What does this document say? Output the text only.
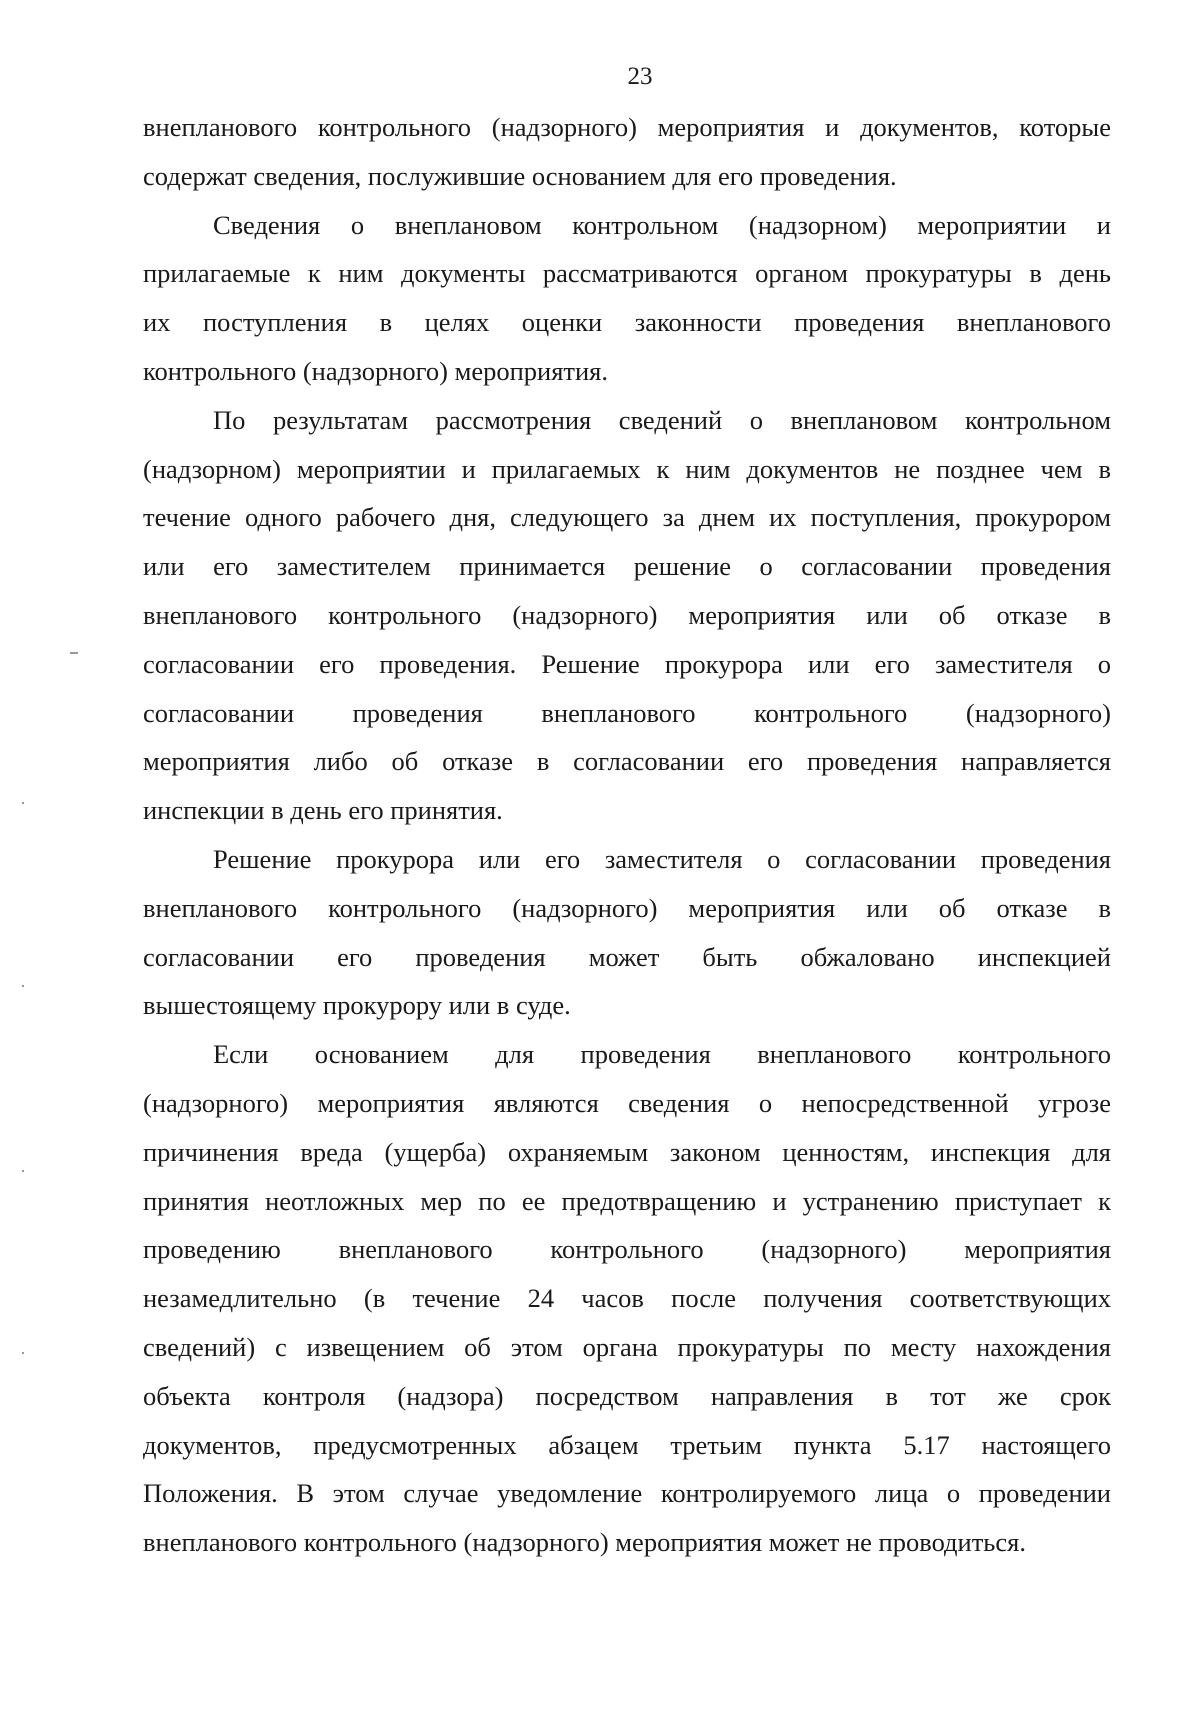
23
внепланового контрольного (надзорного) мероприятия и документов, которые
содержат сведения, послужившие основанием для его проведения.
Сведения о внеплановом контрольном (надзорном) мероприятии и
прилагаемые к ним документы рассматриваются органом прокуратуры в день
их поступления в целях оценки законности проведения внепланового
контрольного (надзорного) мероприятия.
По результатам рассмотрения сведений о внеплановом контрольном
(надзорном) мероприятии и прилагаемых к ним документов не позднее чем в
течение одного рабочего дня, следующего за днем их поступления, прокурором
или его заместителем принимается решение о согласовании проведения
внепланового контрольного (надзорного) мероприятия или об отказе в
согласовании его проведения. Решение прокурора или его заместителя о
согласовании проведения внепланового контрольного (надзорного)
мероприятия либо об отказе в согласовании его проведения направляется
инспекции в день его принятия.
Решение прокурора или его заместителя о согласовании проведения
внепланового контрольного (надзорного) мероприятия или об отказе в
согласовании его проведения может быть обжаловано инспекцией
вышестоящему прокурору или в суде.
Если основанием для проведения внепланового контрольного
(надзорного) мероприятия являются сведения о непосредственной угрозе
причинения вреда (ущерба) охраняемым законом ценностям, инспекция для
принятия неотложных мер по ее предотвращению и устранению приступает к
проведению внепланового контрольного (надзорного) мероприятия
незамедлительно (в течение 24 часов после получения соответствующих
сведений) с извещением об этом органа прокуратуры по месту нахождения
объекта контроля (надзора) посредством направления в тот же срок
документов, предусмотренных абзацем третьим пункта 5.17 настоящего
Положения. В этом случае уведомление контролируемого лица о проведении
внепланового контрольного (надзорного) мероприятия может не проводиться.
